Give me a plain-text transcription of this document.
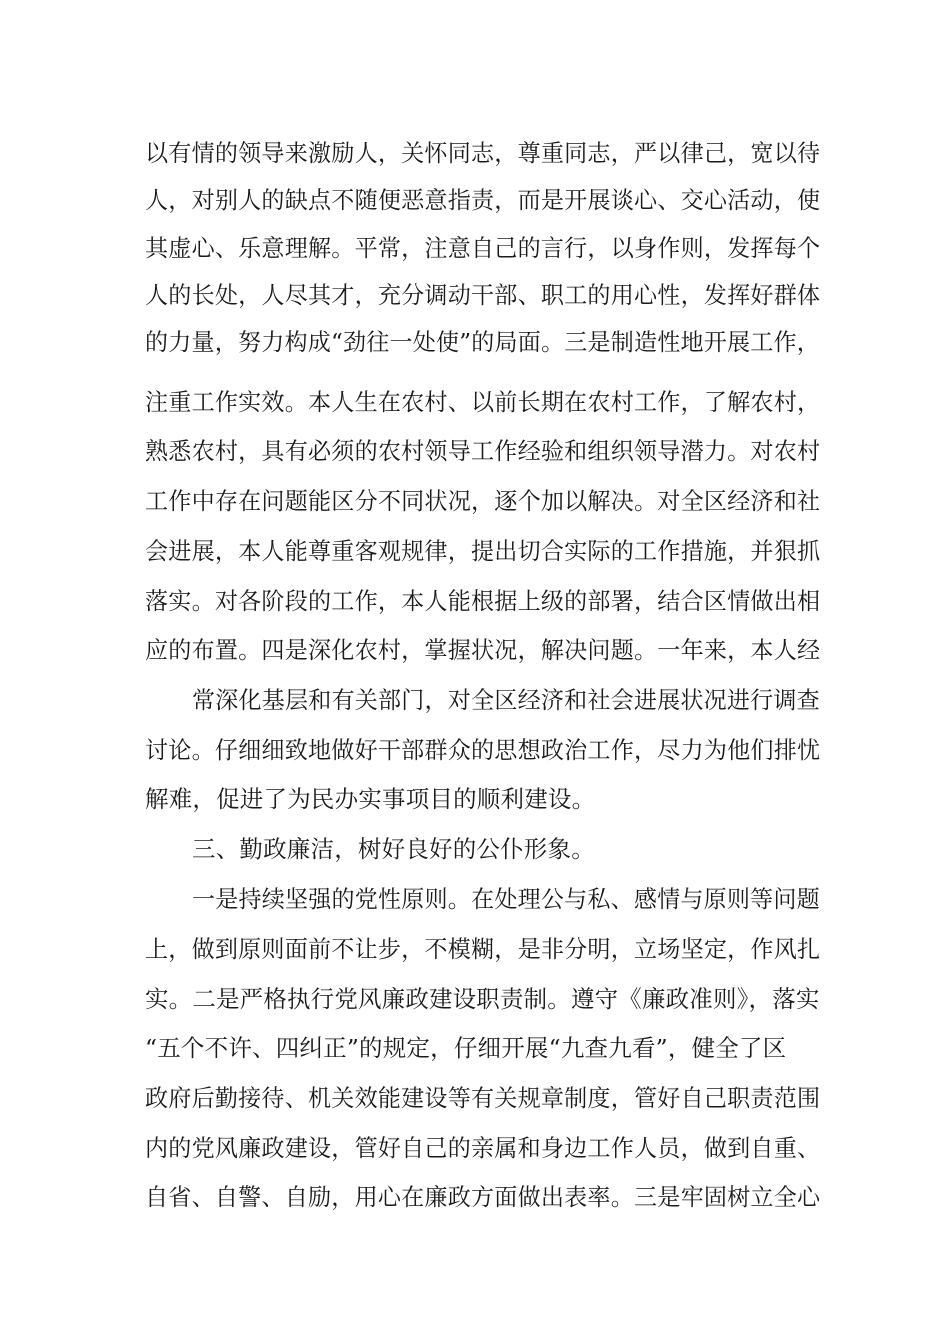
以有情的领导来激励人，关怀同志，尊重同志，严以律己，宽以待

人，对别人的缺点不随便恶意指责，而是开展谈心、交心活动，使

其虚心、乐意理解。平常，注意自己的言行，以身作则，发挥每个

人的长处，人尽其才，充分调动干部、职工的用心性，发挥好群体

的力量，努力构成“劲往一处使”的局面。三是制造性地开展工作，

注重工作实效。本人生在农村、以前长期在农村工作，了解农村，

熟悉农村，具有必须的农村领导工作经验和组织领导潜力。对农村

工作中存在问题能区分不同状况，逐个加以解决。对全区经济和社

会进展，本人能尊重客观规律，提出切合实际的工作措施，并狠抓

落实。对各阶段的工作，本人能根据上级的部署，结合区情做出相

应的布置。四是深化农村，掌握状况，解决问题。一年来，本人经

常深化基层和有关部门，对全区经济和社会进展状况进行调查

讨论。仔细细致地做好干部群众的思想政治工作，尽力为他们排忧

解难，促进了为民办实事项目的顺利建设。

三、勤政廉洁，树好良好的公仆形象。

一是持续坚强的党性原则。在处理公与私、感情与原则等问题

上，做到原则面前不让步，不模糊，是非分明，立场坚定，作风扎

实。二是严格执行党风廉政建设职责制。遵守《廉政准则》，落实

“五个不许、四纠正”的规定，仔细开展“九查九看”，健全了区

政府后勤接待、机关效能建设等有关规章制度，管好自己职责范围

内的党风廉政建设，管好自己的亲属和身边工作人员，做到自重、

自省、自警、自励，用心在廉政方面做出表率。三是牢固树立全心
